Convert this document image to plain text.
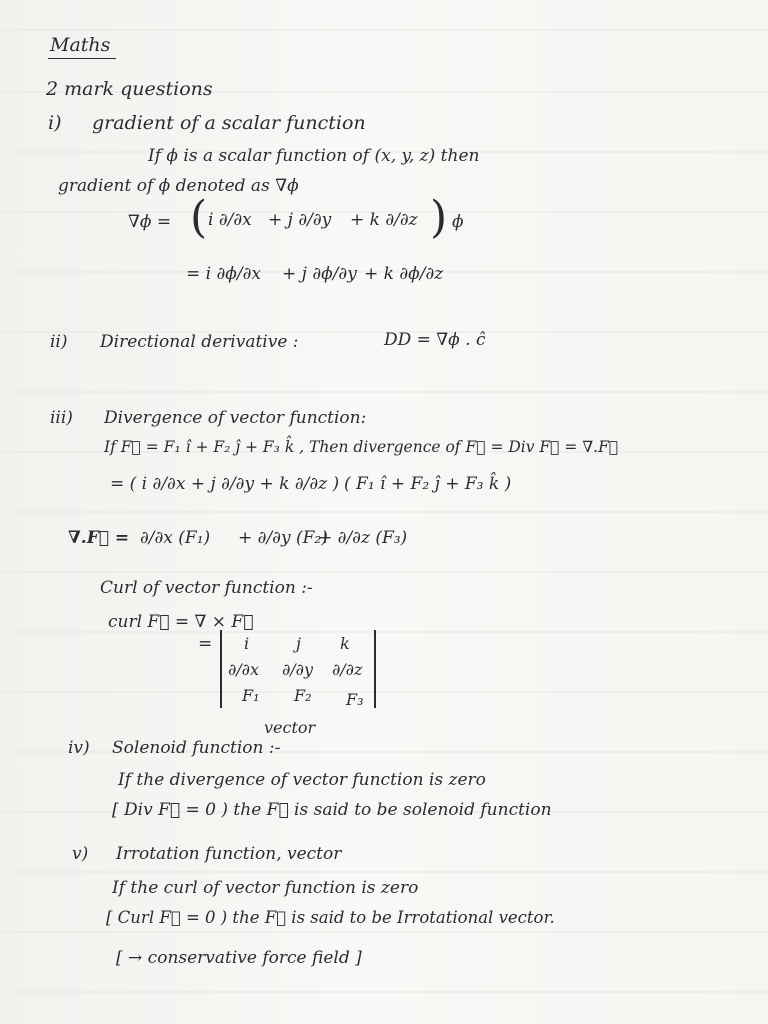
Maths
2 mark questions
i) gradient of a scalar function
If ϕ is a scalar function of (x, y, z) then
gradient of ϕ denoted as ∇ϕ
∇ϕ = ( i ∂/∂x + j ∂/∂y + k ∂/∂z ) ϕ
= i ∂ϕ/∂x + j ∂ϕ/∂y + k ∂ϕ/∂z
ii) Directional derivative :	DD = ∇ϕ . ĉ
iii) Divergence of vector function:
If F⃗ = F₁ î + F₂ ĵ + F₃ k̂ , Then divergence of F⃗ = Div F⃗ = ∇.F⃗
= ( i ∂/∂x + j ∂/∂y + k ∂/∂z ) ( F₁ î + F₂ ĵ + F₃ k̂ )
∇.F⃗ = ∂/∂x (F₁) + ∂/∂y (F₂)
+ ∂/∂z (F₃)
Curl of vector function :-
curl F⃗ = ∇ × F⃗
= i	j k
∂/∂x ∂/∂y ∂/∂z
F₁ F₂ F₃
vector
iv) Solenoid function :-
If the divergence of vector function is zero
[ Div F⃗ = 0 ) the F⃗ is said to be solenoid function
v) Irrotation function, vector
If the curl of vector function is zero
[ Curl F⃗ = 0 ) the F⃗ is said to be Irrotational vector.
[ → conservative force field ]
